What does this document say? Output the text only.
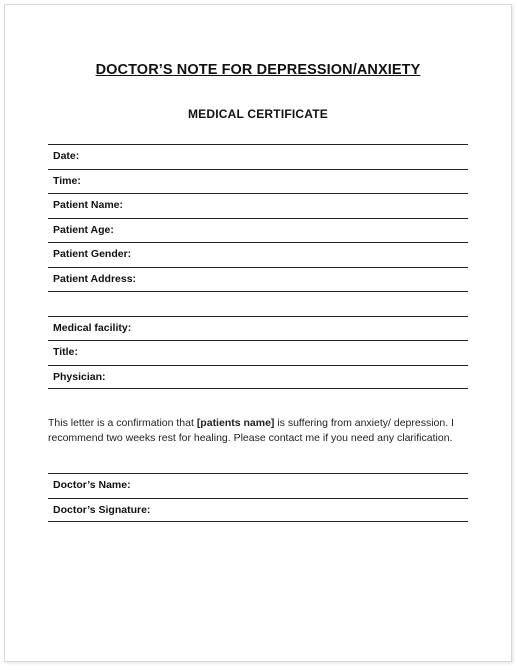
DOCTOR’S NOTE FOR DEPRESSION/ANXIETY
MEDICAL CERTIFICATE
Date:
Time:
Patient Name:
Patient Age:
Patient Gender:
Patient Address:
Medical facility:
Title:
Physician:
This letter is a confirmation that [patients name] is suffering from anxiety/ depression. I recommend two weeks rest for healing. Please contact me if you need any clarification.
Doctor’s Name:
Doctor’s Signature:
